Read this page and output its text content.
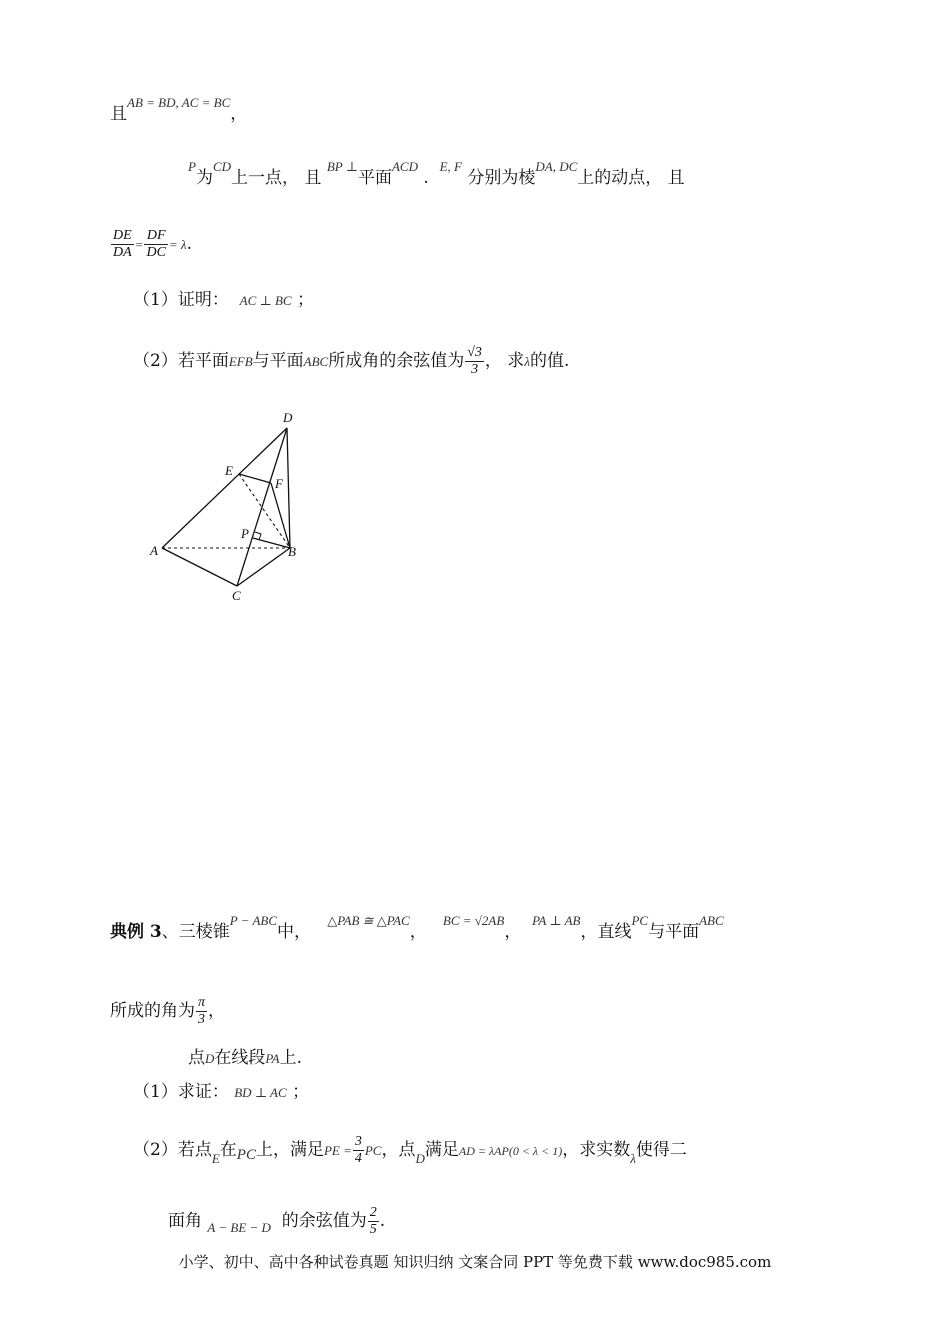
且$^{AB = BD, AC = BC}$，
$^P$为$^{CD}$上一点， 且 $^{BP \perp}$平面$^{ACD}$ .  $^{E, F}$ 分别为棱$^{DA, DC}$上的动点， 且
$\frac{DE}{DA} = \frac{DF}{DC} = \lambda$.
（1）证明： AC ⊥ BC ；
（2）若平面EFB与平面ABC所成角的余弦值为 $\frac{√3}{3}$ ， 求λ的值.
D
E
F
P
A	B
C
典例 3、三棱锥$^{P - ABC}$中，   $^{\triangle PAB ≅ \triangle PAC}$，   $^{BC = √2AB}$，  $^{PA \perp AB}$，直线$^{PC}$与平面$^{ABC}$
所成的角为 $\frac{\pi}{3}$ ，
点D在线段PA上.
（1）求证： BD ⊥ AC ；
（2）若点$_E$在PC上，满足PE = $\frac{3}{4}$ PC，点$_D$满足AD = λAP(0 < λ < 1)，求实数$_\lambda$使得二
面角 $_{A - BE - D}$ 的余弦值为 $\frac{2}{5}$ .
小学、初中、高中各种试卷真题 知识归纳 文案合同 PPT 等免费下载 www.doc985.com
